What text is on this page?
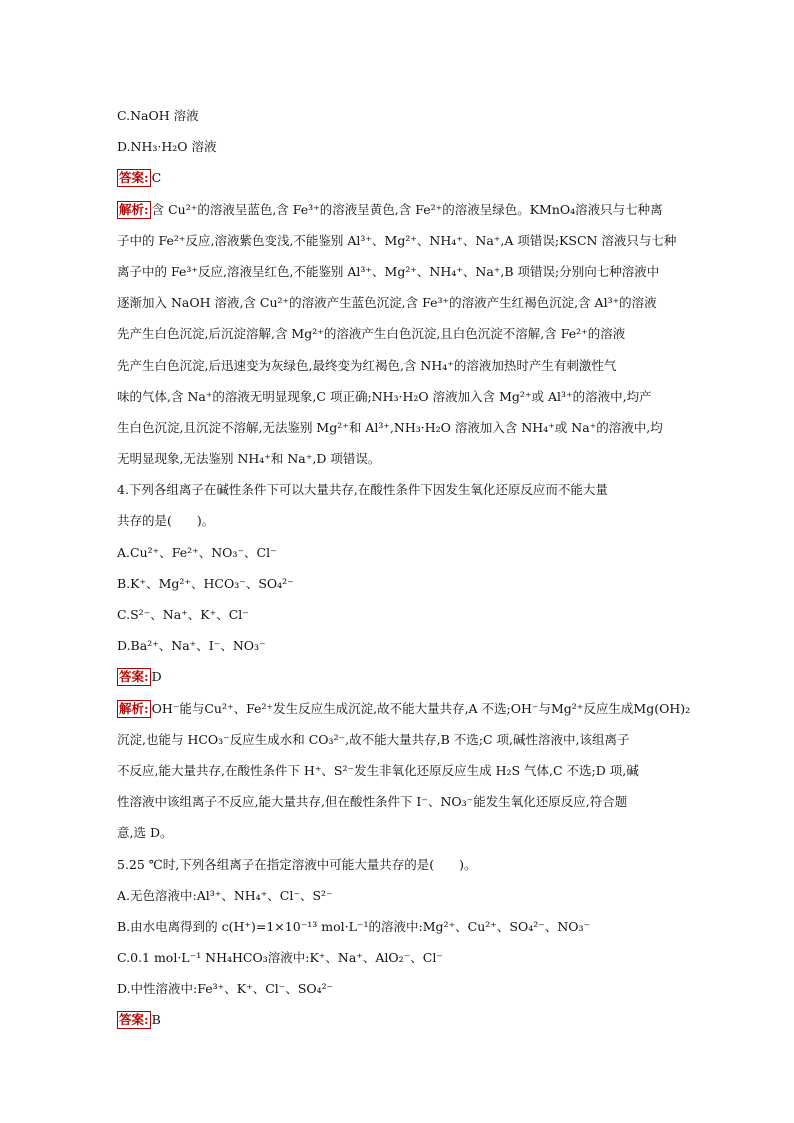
C.NaOH 溶液
D.NH₃·H₂O 溶液
答案: C
解析: 含 Cu²⁺的溶液呈蓝色,含 Fe³⁺的溶液呈黄色,含 Fe²⁺的溶液呈绿色。KMnO₄溶液只与七种离
子中的 Fe²⁺反应,溶液紫色变浅,不能鉴别 Al³⁺、Mg²⁺、NH₄⁺、Na⁺,A 项错误;KSCN 溶液只与七种
离子中的 Fe³⁺反应,溶液呈红色,不能鉴别 Al³⁺、Mg²⁺、NH₄⁺、Na⁺,B 项错误;分别向七种溶液中
逐渐加入 NaOH 溶液,含 Cu²⁺的溶液产生蓝色沉淀,含 Fe³⁺的溶液产生红褐色沉淀,含 Al³⁺的溶液
先产生白色沉淀,后沉淀溶解,含 Mg²⁺的溶液产生白色沉淀,且白色沉淀不溶解,含 Fe²⁺的溶液
先产生白色沉淀,后迅速变为灰绿色,最终变为红褐色,含 NH₄⁺的溶液加热时产生有刺激性气
味的气体,含 Na⁺的溶液无明显现象,C 项正确;NH₃·H₂O 溶液加入含 Mg²⁺或 Al³⁺的溶液中,均产
生白色沉淀,且沉淀不溶解,无法鉴别 Mg²⁺和 Al³⁺,NH₃·H₂O 溶液加入含 NH₄⁺或 Na⁺的溶液中,均
无明显现象,无法鉴别 NH₄⁺和 Na⁺,D 项错误。
4.下列各组离子在碱性条件下可以大量共存,在酸性条件下因发生氧化还原反应而不能大量
共存的是(　　)。
A.Cu²⁺、Fe²⁺、NO₃⁻、Cl⁻
B.K⁺、Mg²⁺、HCO₃⁻、SO₄²⁻
C.S²⁻、Na⁺、K⁺、Cl⁻
D.Ba²⁺、Na⁺、I⁻、NO₃⁻
答案: D
解析: OH⁻能与Cu²⁺、Fe²⁺发生反应生成沉淀,故不能大量共存,A 不选;OH⁻与Mg²⁺反应生成Mg(OH)₂
沉淀,也能与 HCO₃⁻反应生成水和 CO₃²⁻,故不能大量共存,B 不选;C 项,碱性溶液中,该组离子
不反应,能大量共存,在酸性条件下 H⁺、S²⁻发生非氧化还原反应生成 H₂S 气体,C 不选;D 项,碱
性溶液中该组离子不反应,能大量共存,但在酸性条件下 I⁻、NO₃⁻能发生氧化还原反应,符合题
意,选 D。
5.25 ℃时,下列各组离子在指定溶液中可能大量共存的是(　　)。
A.无色溶液中:Al³⁺、NH₄⁺、Cl⁻、S²⁻
B.由水电离得到的 c(H⁺)=1×10⁻¹³ mol·L⁻¹的溶液中:Mg²⁺、Cu²⁺、SO₄²⁻、NO₃⁻
C.0.1 mol·L⁻¹ NH₄HCO₃溶液中:K⁺、Na⁺、AlO₂⁻、Cl⁻
D.中性溶液中:Fe³⁺、K⁺、Cl⁻、SO₄²⁻
答案: B
